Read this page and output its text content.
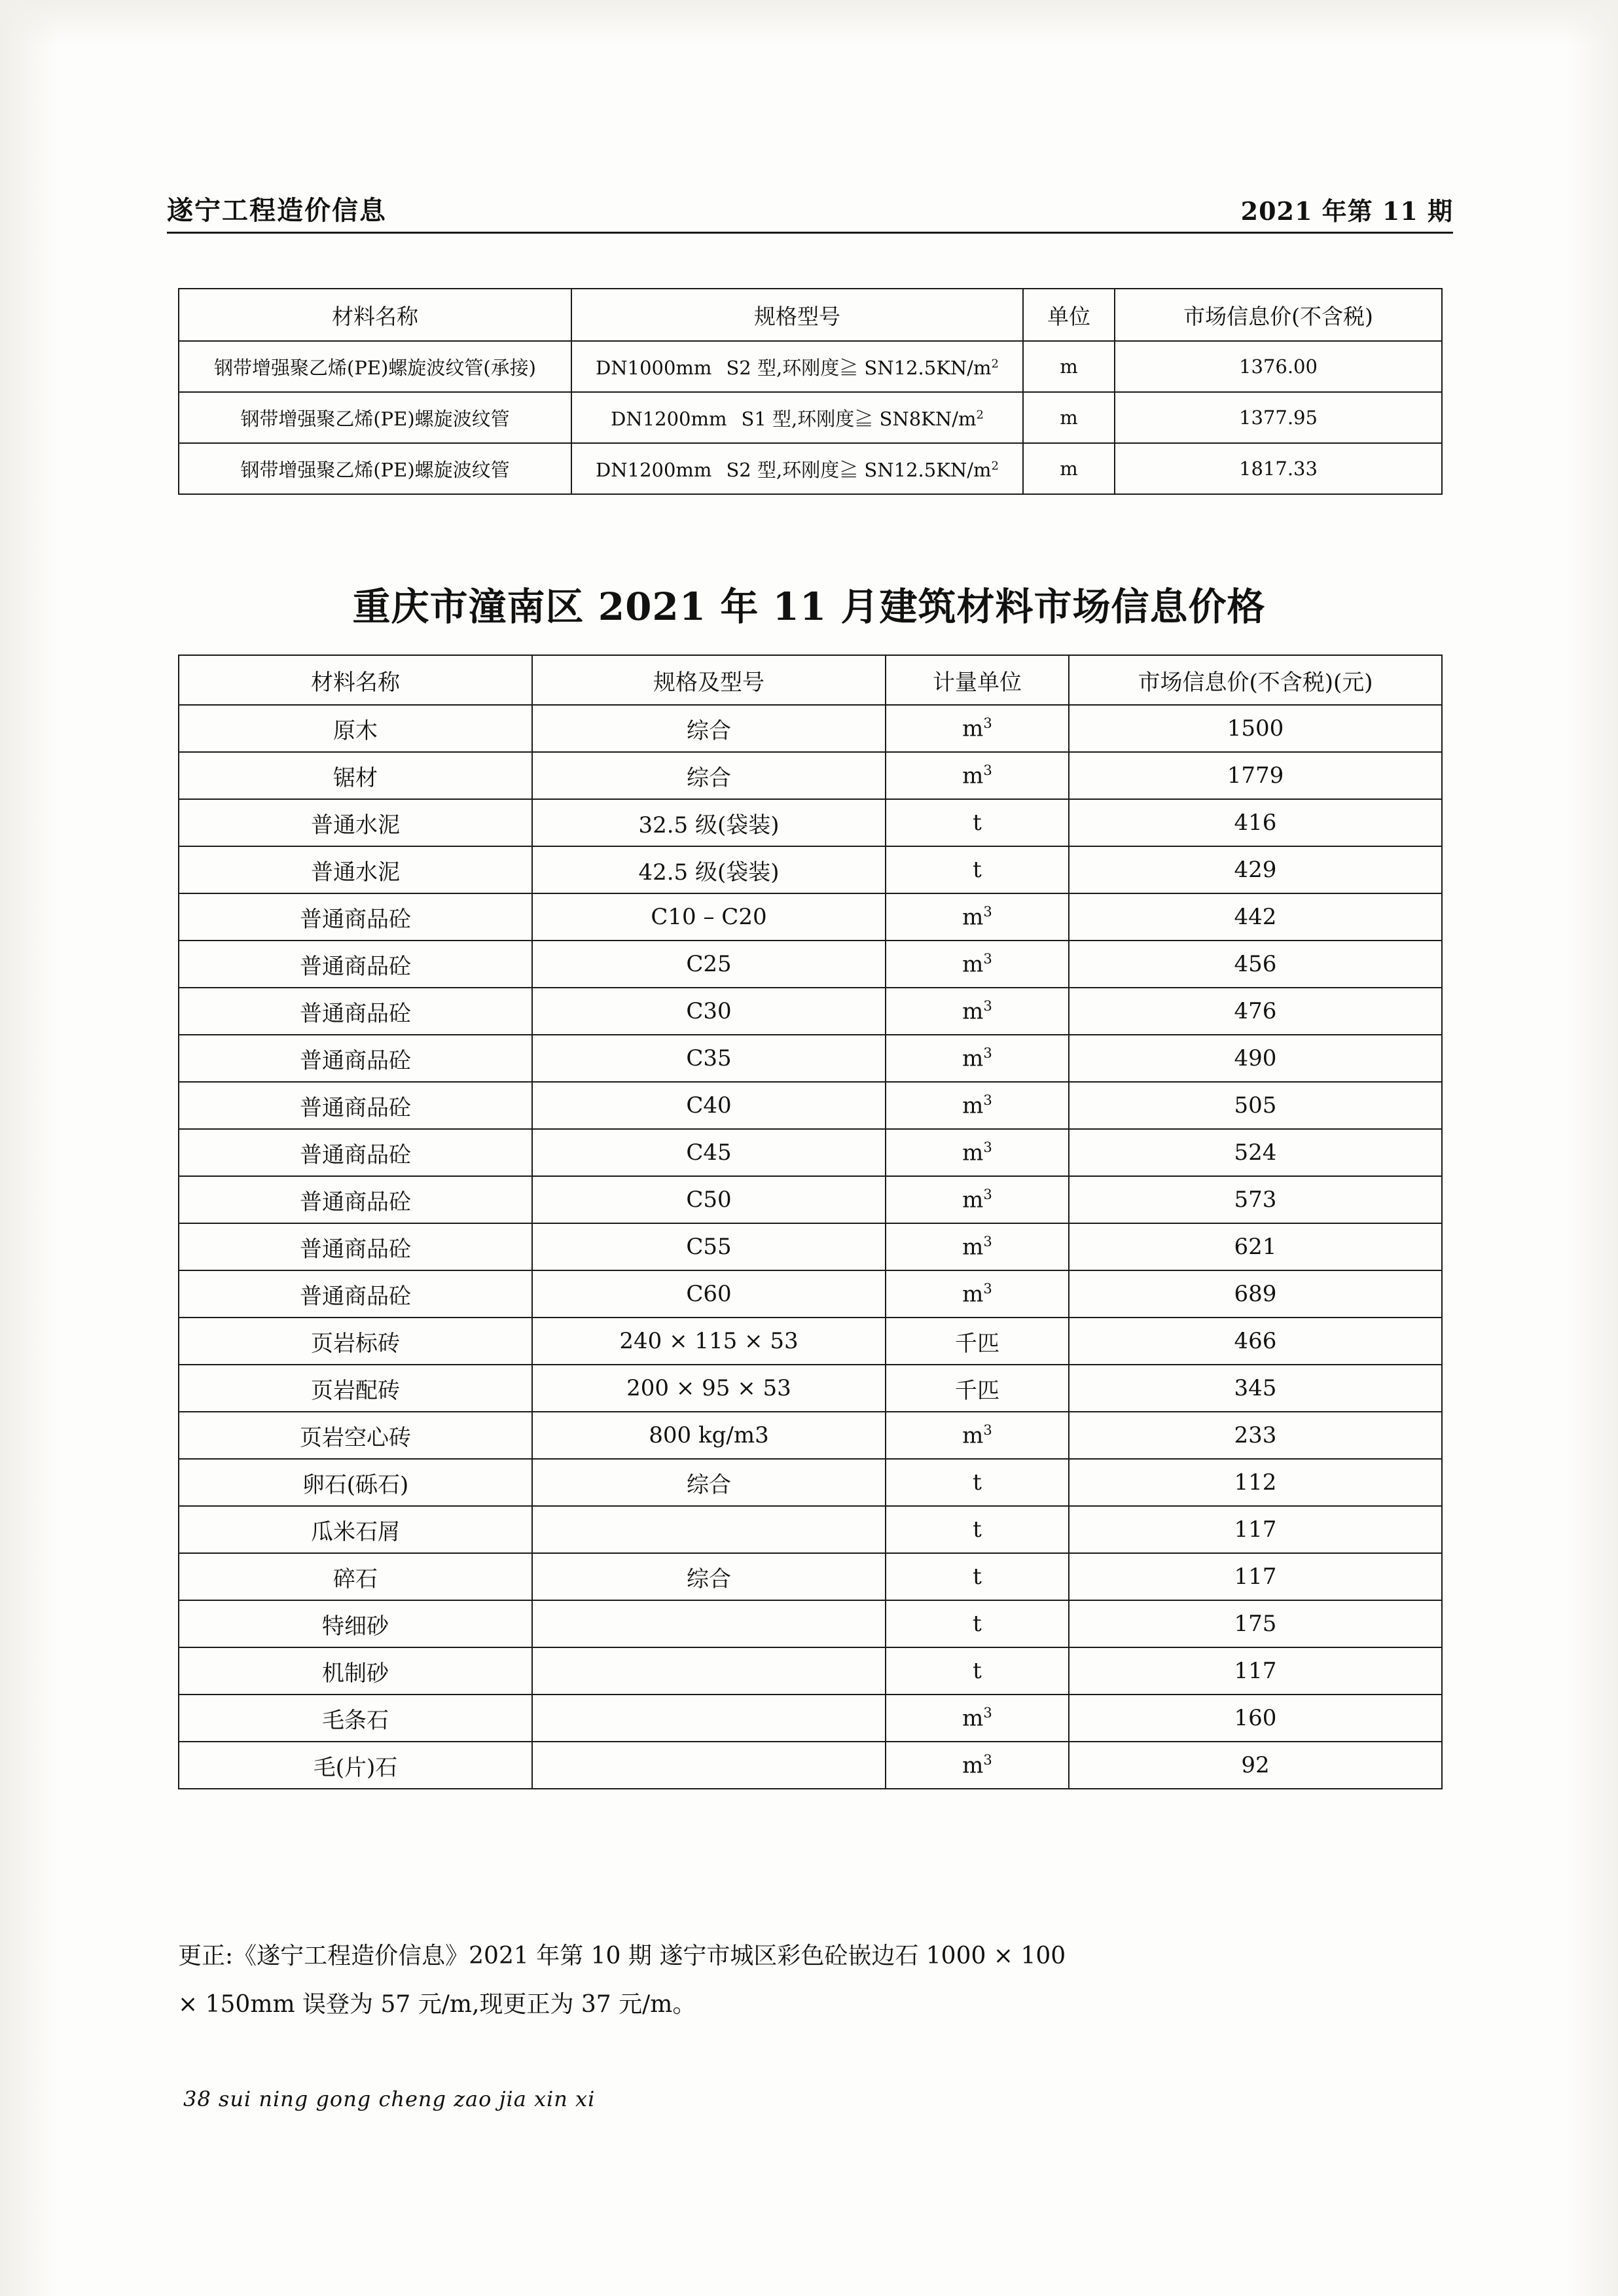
遂宁工程造价信息	2021 年第 11 期
材料名称	规格型号	单位	市场信息价(不含税)
钢带增强聚乙烯(PE)螺旋波纹管(承接)	DN1000mm S2 型,环刚度≧ $SN12.5KN/m^2$	m	1376.00
钢带增强聚乙烯(PE)螺旋波纹管	DN1200mm S1 型,环刚度≧ $SN8KN/m^2$	m	1377.95
钢带增强聚乙烯(PE)螺旋波纹管	DN1200mm S2 型,环刚度≧ $SN12.5KN/m^2$	m	1817.33
重庆市潼南区 2021 年 11 月建筑材料市场信息价格
材料名称	规格及型号	计量单位	市场信息价(不含税)(元)
原木	综合	$m^3$	1500
锯材	综合	$m^3$	1779
普通水泥	32.5 级(袋装)	t	416
普通水泥	42.5 级(袋装)	t	429
普通商品砼	C10 – C20	$m^3$	442
普通商品砼	C25	$m^3$	456
普通商品砼	C30	$m^3$	476
普通商品砼	C35	$m^3$	490
普通商品砼	C40	$m^3$	505
普通商品砼	C45	$m^3$	524
普通商品砼	C50	$m^3$	573
普通商品砼	C55	$m^3$	621
普通商品砼	C60	$m^3$	689
页岩标砖	240 × 115 × 53	千匹	466
页岩配砖	200 × 95 × 53	千匹	345
页岩空心砖	800 kg/m3	$m^3$	233
卵石(砾石)	综合	t	112
瓜米石屑		t	117
碎石	综合	t	117
特细砂		t	175
机制砂		t	117
毛条石		$m^3$	160
毛(片)石		$m^3$	92
更正:《遂宁工程造价信息》2021 年第 10 期 遂宁市城区彩色砼嵌边石 1000 × 100
× 150mm 误登为 57 元/m,现更正为 37 元/m。
38 sui ning gong cheng zao jia xin xi
